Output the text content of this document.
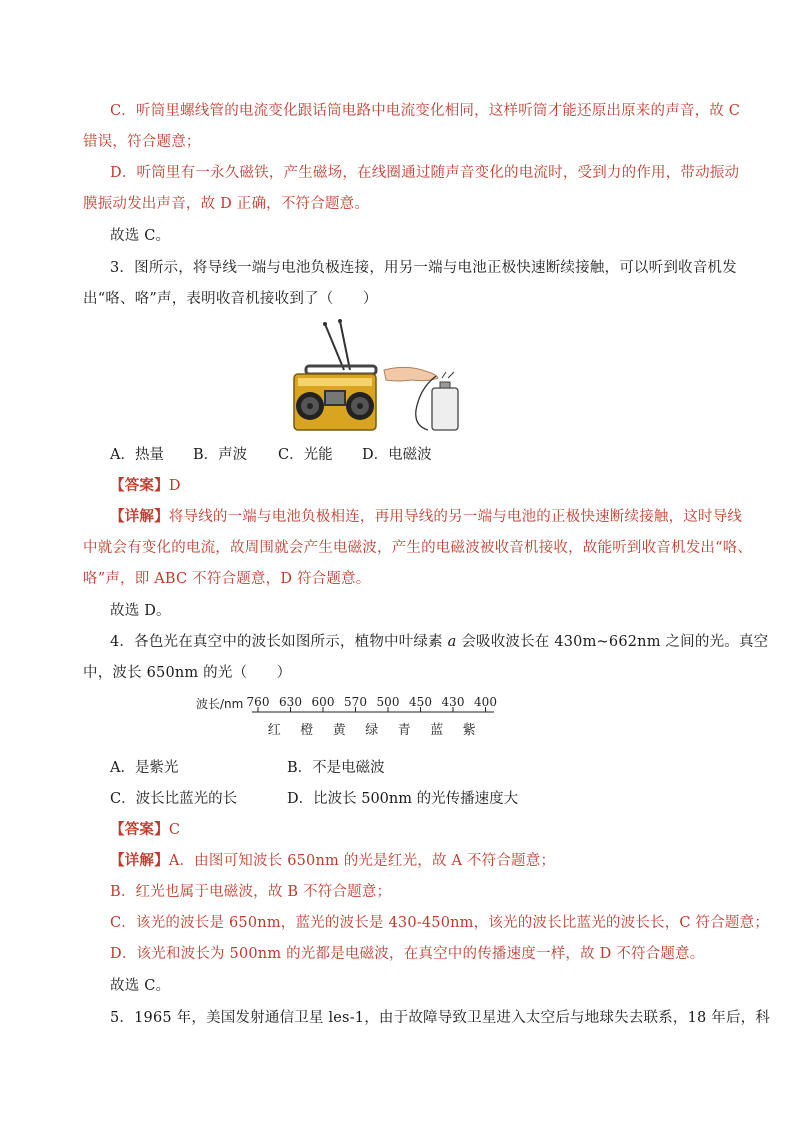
C．听筒里螺线管的电流变化跟话筒电路中电流变化相同，这样听筒才能还原出原来的声音，故 C
错误，符合题意；
D．听筒里有一永久磁铁，产生磁场，在线圈通过随声音变化的电流时，受到力的作用，带动振动
膜振动发出声音，故 D 正确，不符合题意。
故选 C。
3．图所示，将导线一端与电池负极连接，用另一端与电池正极快速断续接触，可以听到收音机发
出“咯、咯”声，表明收音机接收到了（　　）
A．热量 B．声波 C．光能 D．电磁波
【答案】D
【详解】将导线的一端与电池负极相连，再用导线的另一端与电池的正极快速断续接触，这时导线
中就会有变化的电流，故周围就会产生电磁波，产生的电磁波被收音机接收，故能听到收音机发出“咯、
咯”声，即 ABC 不符合题意，D 符合题意。
故选 D。
4．各色光在真空中的波长如图所示，植物中叶绿素 a 会吸收波长在 430m~662nm 之间的光。真空
中，波长 650nm 的光（　　）
波长/nm 760 630 600 570 500 450 430 400
红 橙 黄 绿 青 蓝 紫
A．是紫光	B．不是电磁波
C．波长比蓝光的长	D．比波长 500nm 的光传播速度大
【答案】C
【详解】A．由图可知波长 650nm 的光是红光，故 A 不符合题意；
B．红光也属于电磁波，故 B 不符合题意；
C．该光的波长是 650nm，蓝光的波长是 430-450nm，该光的波长比蓝光的波长长，C 符合题意；
D．该光和波长为 500nm 的光都是电磁波，在真空中的传播速度一样，故 D 不符合题意。
故选 C。
5．1965 年，美国发射通信卫星 les-1，由于故障导致卫星进入太空后与地球失去联系，18 年后，科
